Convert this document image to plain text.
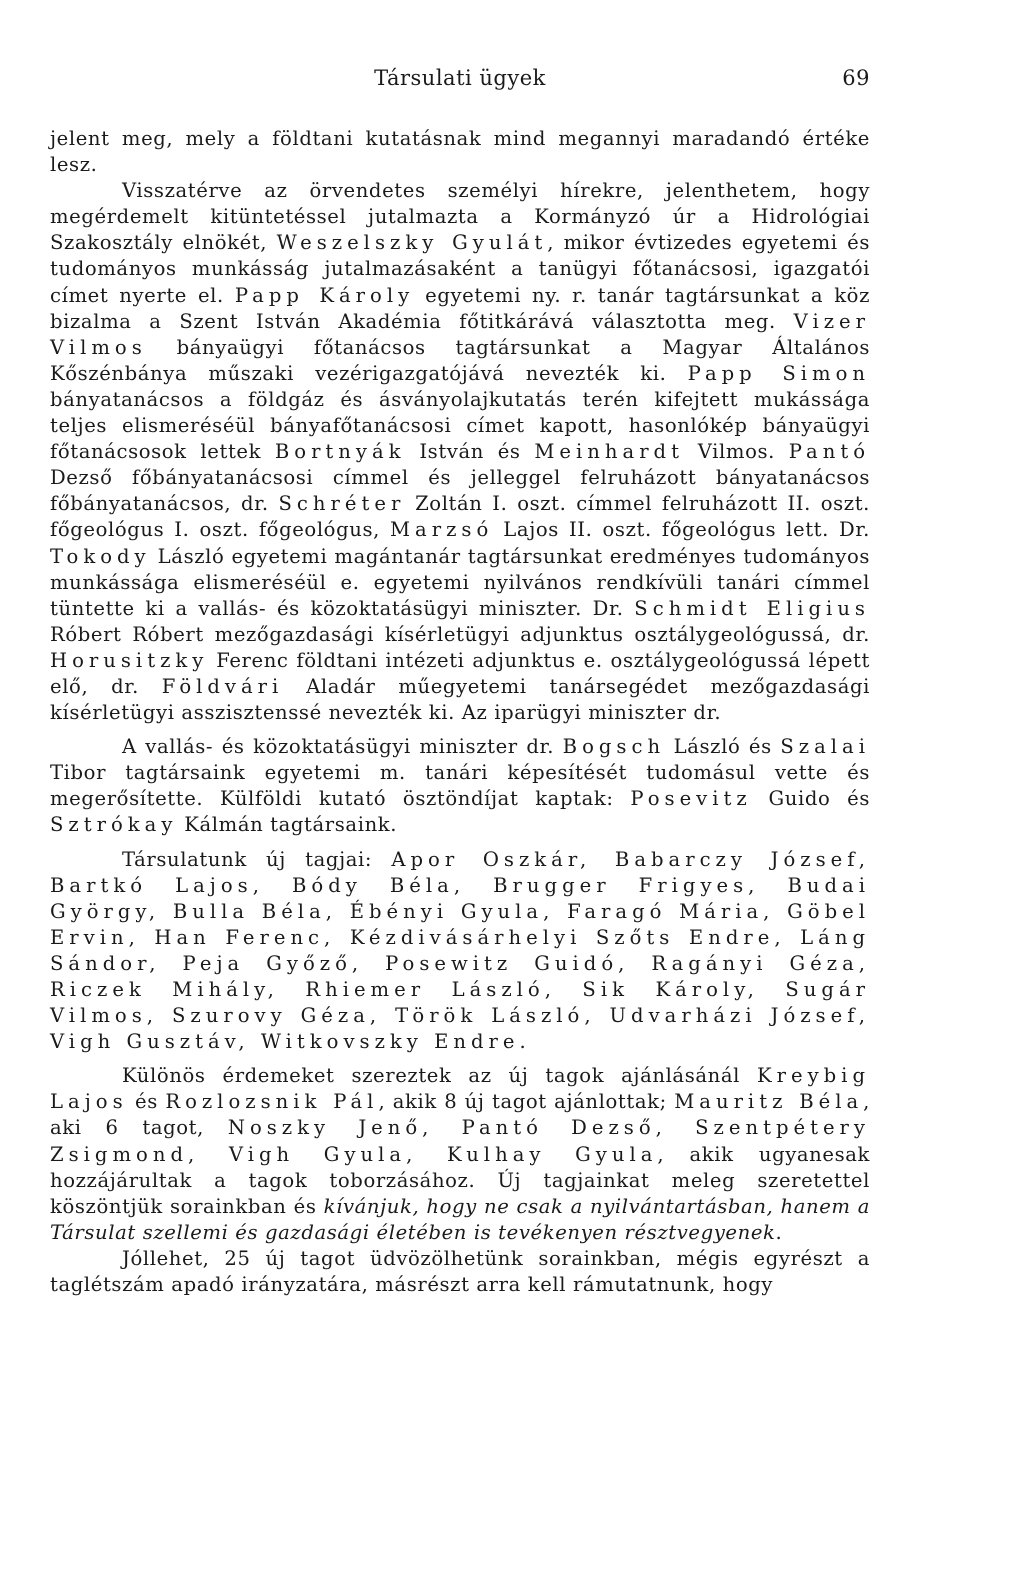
Társulati ügyek	69

jelent meg, mely a földtani kutatásnak mind megannyi maradandó értéke lesz.

Visszatérve az örvendetes személyi hírekre, jelenthetem, hogy megérdemelt kitüntetéssel jutalmazta a Kormányzó úr a Hidrológiai Szakosztály elnökét, Weszelszky Gyulát, mikor évtizedes egyetemi és tudományos munkásság jutalmazásaként a tanügyi főtanácsosi, igazgatói címet nyerte el. Papp Károly egyetemi ny. r. tanár tagtársunkat a köz bizalma a Szent István Akadémia főtitkárává választotta meg. Vizer Vilmos bányaügyi főtanácsos tagtársunkat a Magyar Általános Kőszénbánya műszaki vezérigazgatójává nevezték ki. Papp Simon bányatanácsos a földgáz és ásványolajkutatás terén kifejtett mukássága teljes elismeréséül bányafőtanácsosi címet kapott, hasonlókép bányaügyi főtanácsosok lettek Bortnyák István és Meinhardt Vilmos. Pantó Dezső főbányatanácsosi címmel és jelleggel felruházott bányatanácsos főbányatanácsos, dr. Schréter Zoltán I. oszt. címmel felruházott II. oszt. főgeológus I. oszt. főgeológus, Marzsó Lajos II. oszt. főgeológus lett. Dr. Tokody László egyetemi magántanár tagtársunkat eredményes tudományos munkássága elismeréséül e. egyetemi nyilvános rendkívüli tanári címmel tüntette ki a vallás- és közoktatásügyi miniszter. Dr. Schmidt Eligius Róbert Róbert mezőgazdasági kísérletügyi adjunktus osztálygeológussá, dr. Horusitzky Ferenc földtani intézeti adjunktus e. osztálygeológussá lépett elő, dr. Földvári Aladár műegyetemi tanársegédet mezőgazdasági kísérletügyi asszisztenssé nevezték ki. Az iparügyi miniszter dr.

A vallás- és közoktatásügyi miniszter dr. Bogsch László és Szalai Tibor tagtársaink egyetemi m. tanári képesítését tudomásul vette és megerősítette. Külföldi kutató ösztöndíjat kaptak: Posevitz Guido és Sztrókay Kálmán tagtársaink.

Társulatunk új tagjai: Apor Oszkár, Babarczy József, Bartkó Lajos, Bódy Béla, Brugger Frigyes, Budai György, Bulla Béla, Ébényi Gyula, Faragó Mária, Göbel Ervin, Han Ferenc, Kézdivásárhelyi Szőts Endre, Láng Sándor, Peja Győző, Posewitz Guidó, Ragányi Géza, Riczek Mihály, Rhiemer László, Sik Károly, Sugár Vilmos, Szurovy Géza, Török László, Udvarházi József, Vigh Gusztáv, Witkovszky Endre.

Különös érdemeket szereztek az új tagok ajánlásánál Kreybig Lajos és Rozlozsnik Pál, akik 8 új tagot ajánlottak; Mauritz Béla, aki 6 tagot, Noszky Jenő, Pantó Dezső, Szentpétery Zsigmond, Vigh Gyula, Kulhay Gyula, akik ugyanesak hozzájárultak a tagok toborzásához. Új tagjainkat meleg szeretettel köszöntjük sorainkban és kívánjuk, hogy ne csak a nyilvántartásban, hanem a Társulat szellemi és gazdasági életében is tevékenyen résztvegyenek.

Jóllehet, 25 új tagot üdvözölhetünk sorainkban, mégis egyrészt a taglétszám apadó irányzatára, másrészt arra kell rámutatnunk, hogy
